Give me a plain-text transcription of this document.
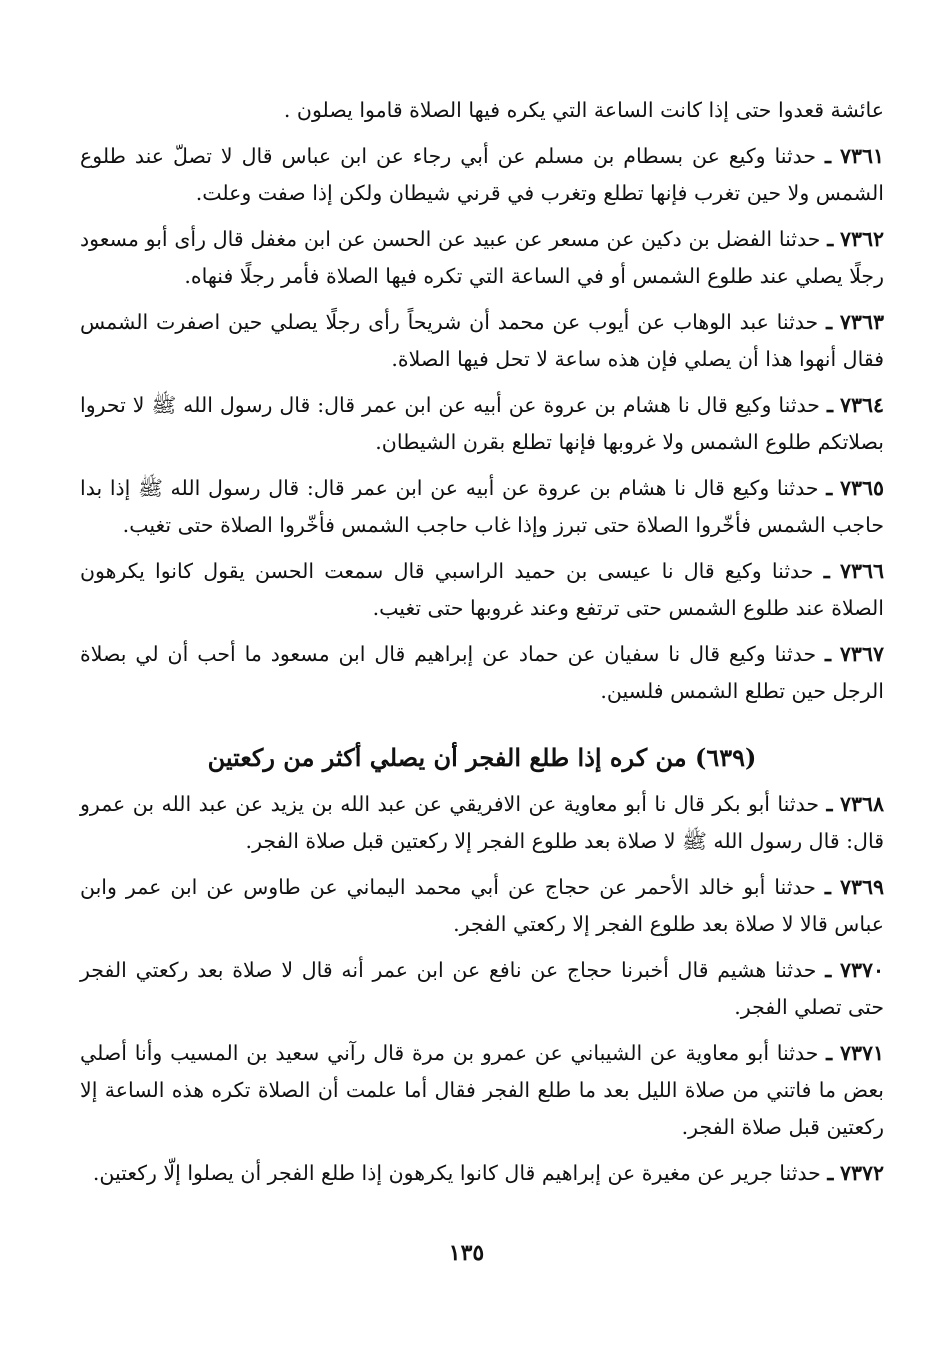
عائشة قعدوا حتى إذا كانت الساعة التي يكره فيها الصلاة قاموا يصلون .

٧٣٦١ ـ حدثنا وكيع عن بسطام بن مسلم عن أبي رجاء عن ابن عباس قال لا تصلّ عند طلوع الشمس ولا حين تغرب فإنها تطلع وتغرب في قرني شيطان ولكن إذا صفت وعلت.

٧٣٦٢ ـ حدثنا الفضل بن دكين عن مسعر عن عبيد عن الحسن عن ابن مغفل قال رأى أبو مسعود رجلًا يصلي عند طلوع الشمس أو في الساعة التي تكره فيها الصلاة فأمر رجلًا فنهاه.

٧٣٦٣ ـ حدثنا عبد الوهاب عن أيوب عن محمد أن شريحاً رأى رجلًا يصلي حين اصفرت الشمس فقال أنهوا هذا أن يصلي فإن هذه ساعة لا تحل فيها الصلاة.

٧٣٦٤ ـ حدثنا وكيع قال نا هشام بن عروة عن أبيه عن ابن عمر قال: قال رسول الله ﷺ لا تحروا بصلاتكم طلوع الشمس ولا غروبها فإنها تطلع بقرن الشيطان.

٧٣٦٥ ـ حدثنا وكيع قال نا هشام بن عروة عن أبيه عن ابن عمر قال: قال رسول الله ﷺ إذا بدا حاجب الشمس فأخّروا الصلاة حتى تبرز وإذا غاب حاجب الشمس فأخّروا الصلاة حتى تغيب.

٧٣٦٦ ـ حدثنا وكيع قال نا عيسى بن حميد الراسبي قال سمعت الحسن يقول كانوا يكرهون الصلاة عند طلوع الشمس حتى ترتفع وعند غروبها حتى تغيب.

٧٣٦٧ ـ حدثنا وكيع قال نا سفيان عن حماد عن إبراهيم قال ابن مسعود ما أحب أن لي بصلاة الرجل حين تطلع الشمس فلسين.

(٦٣٩) من كره إذا طلع الفجر أن يصلي أكثر من ركعتين

٧٣٦٨ ـ حدثنا أبو بكر قال نا أبو معاوية عن الافريقي عن عبد الله بن يزيد عن عبد الله بن عمرو قال: قال رسول الله ﷺ لا صلاة بعد طلوع الفجر إلا ركعتين قبل صلاة الفجر.

٧٣٦٩ ـ حدثنا أبو خالد الأحمر عن حجاج عن أبي محمد اليماني عن طاوس عن ابن عمر وابن عباس قالا لا صلاة بعد طلوع الفجر إلا ركعتي الفجر.

٧٣٧٠ ـ حدثنا هشيم قال أخبرنا حجاج عن نافع عن ابن عمر أنه قال لا صلاة بعد ركعتي الفجر حتى تصلي الفجر.

٧٣٧١ ـ حدثنا أبو معاوية عن الشيباني عن عمرو بن مرة قال رآني سعيد بن المسيب وأنا أصلي بعض ما فاتني من صلاة الليل بعد ما طلع الفجر فقال أما علمت أن الصلاة تكره هذه الساعة إلا ركعتين قبل صلاة الفجر.

٧٣٧٢ ـ حدثنا جرير عن مغيرة عن إبراهيم قال كانوا يكرهون إذا طلع الفجر أن يصلوا إلّا ركعتين.

١٣٥
